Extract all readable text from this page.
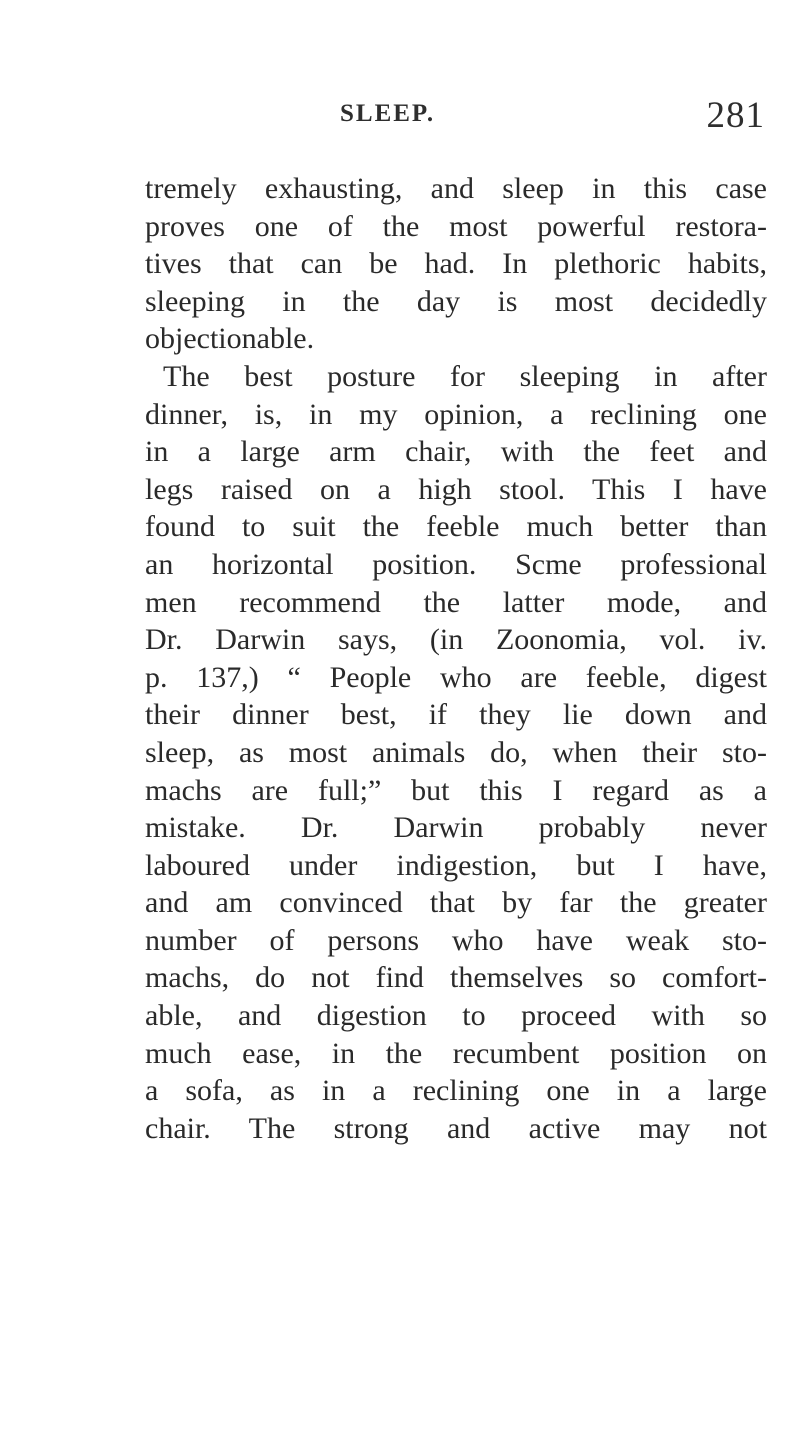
SLEEP.	281
tremely exhausting, and sleep in this case
proves one of the most powerful restora-
tives that can be had. In plethoric habits,
sleeping in the day is most decidedly
objectionable.
The best posture for sleeping in after
dinner, is, in my opinion, a reclining one
in a large arm chair, with the feet and
legs raised on a high stool. This I have
found to suit the feeble much better than
an horizontal position. Scme professional
men recommend the latter mode, and
Dr. Darwin says, (in Zoonomia, vol. iv.
p. 137,) “ People who are feeble, digest
their dinner best, if they lie down and
sleep, as most animals do, when their sto-
machs are full;” but this I regard as a
mistake. Dr. Darwin probably never
laboured under indigestion, but I have,
and am convinced that by far the greater
number of persons who have weak sto-
machs, do not find themselves so comfort-
able, and digestion to proceed with so
much ease, in the recumbent position on
a sofa, as in a reclining one in a large
chair. The strong and active may not
